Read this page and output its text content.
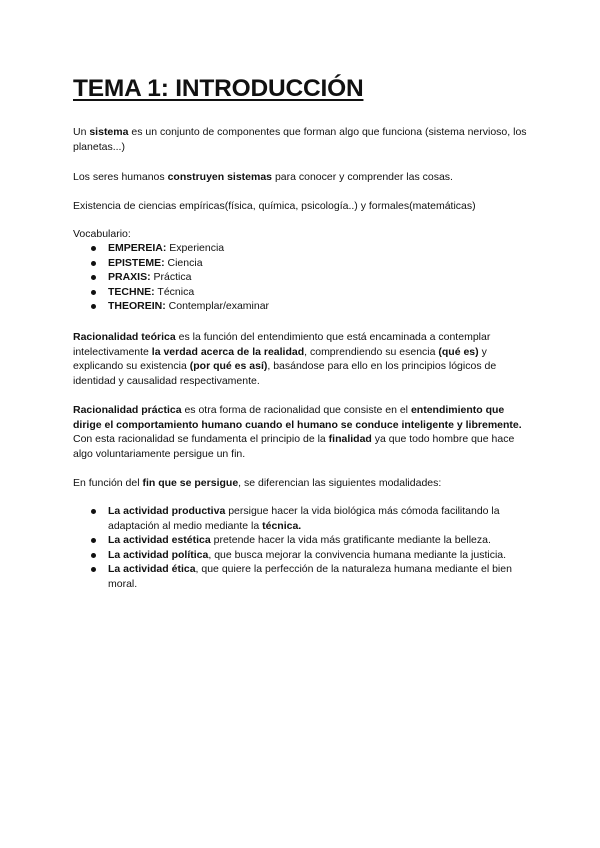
TEMA 1: INTRODUCCIÓN

Un sistema es un conjunto de componentes que forman algo que funciona (sistema nervioso, los planetas...)

Los seres humanos construyen sistemas para conocer y comprender las cosas.

Existencia de ciencias empíricas(física, química, psicología..) y formales(matemáticas)

Vocabulario:

EMPEREIA: Experiencia
EPISTEME: Ciencia
PRAXIS: Práctica
TECHNE: Técnica
THEOREIN: Contemplar/examinar

Racionalidad teórica es la función del entendimiento que está encaminada a contemplar intelectivamente la verdad acerca de la realidad, comprendiendo su esencia (qué es) y explicando su existencia (por qué es así), basándose para ello en los principios lógicos de identidad y causalidad respectivamente.

Racionalidad práctica es otra forma de racionalidad que consiste en el entendimiento que dirige el comportamiento humano cuando el humano se conduce inteligente y libremente. Con esta racionalidad se fundamenta el principio de la finalidad ya que todo hombre que hace algo voluntariamente persigue un fin.

En función del fin que se persigue, se diferencian las siguientes modalidades:

La actividad productiva persigue hacer la vida biológica más cómoda facilitando la adaptación al medio mediante la técnica.
La actividad estética pretende hacer la vida más gratificante mediante la belleza.
La actividad política, que busca mejorar la convivencia humana mediante la justicia.
La actividad ética, que quiere la perfección de la naturaleza humana mediante el bien moral.
